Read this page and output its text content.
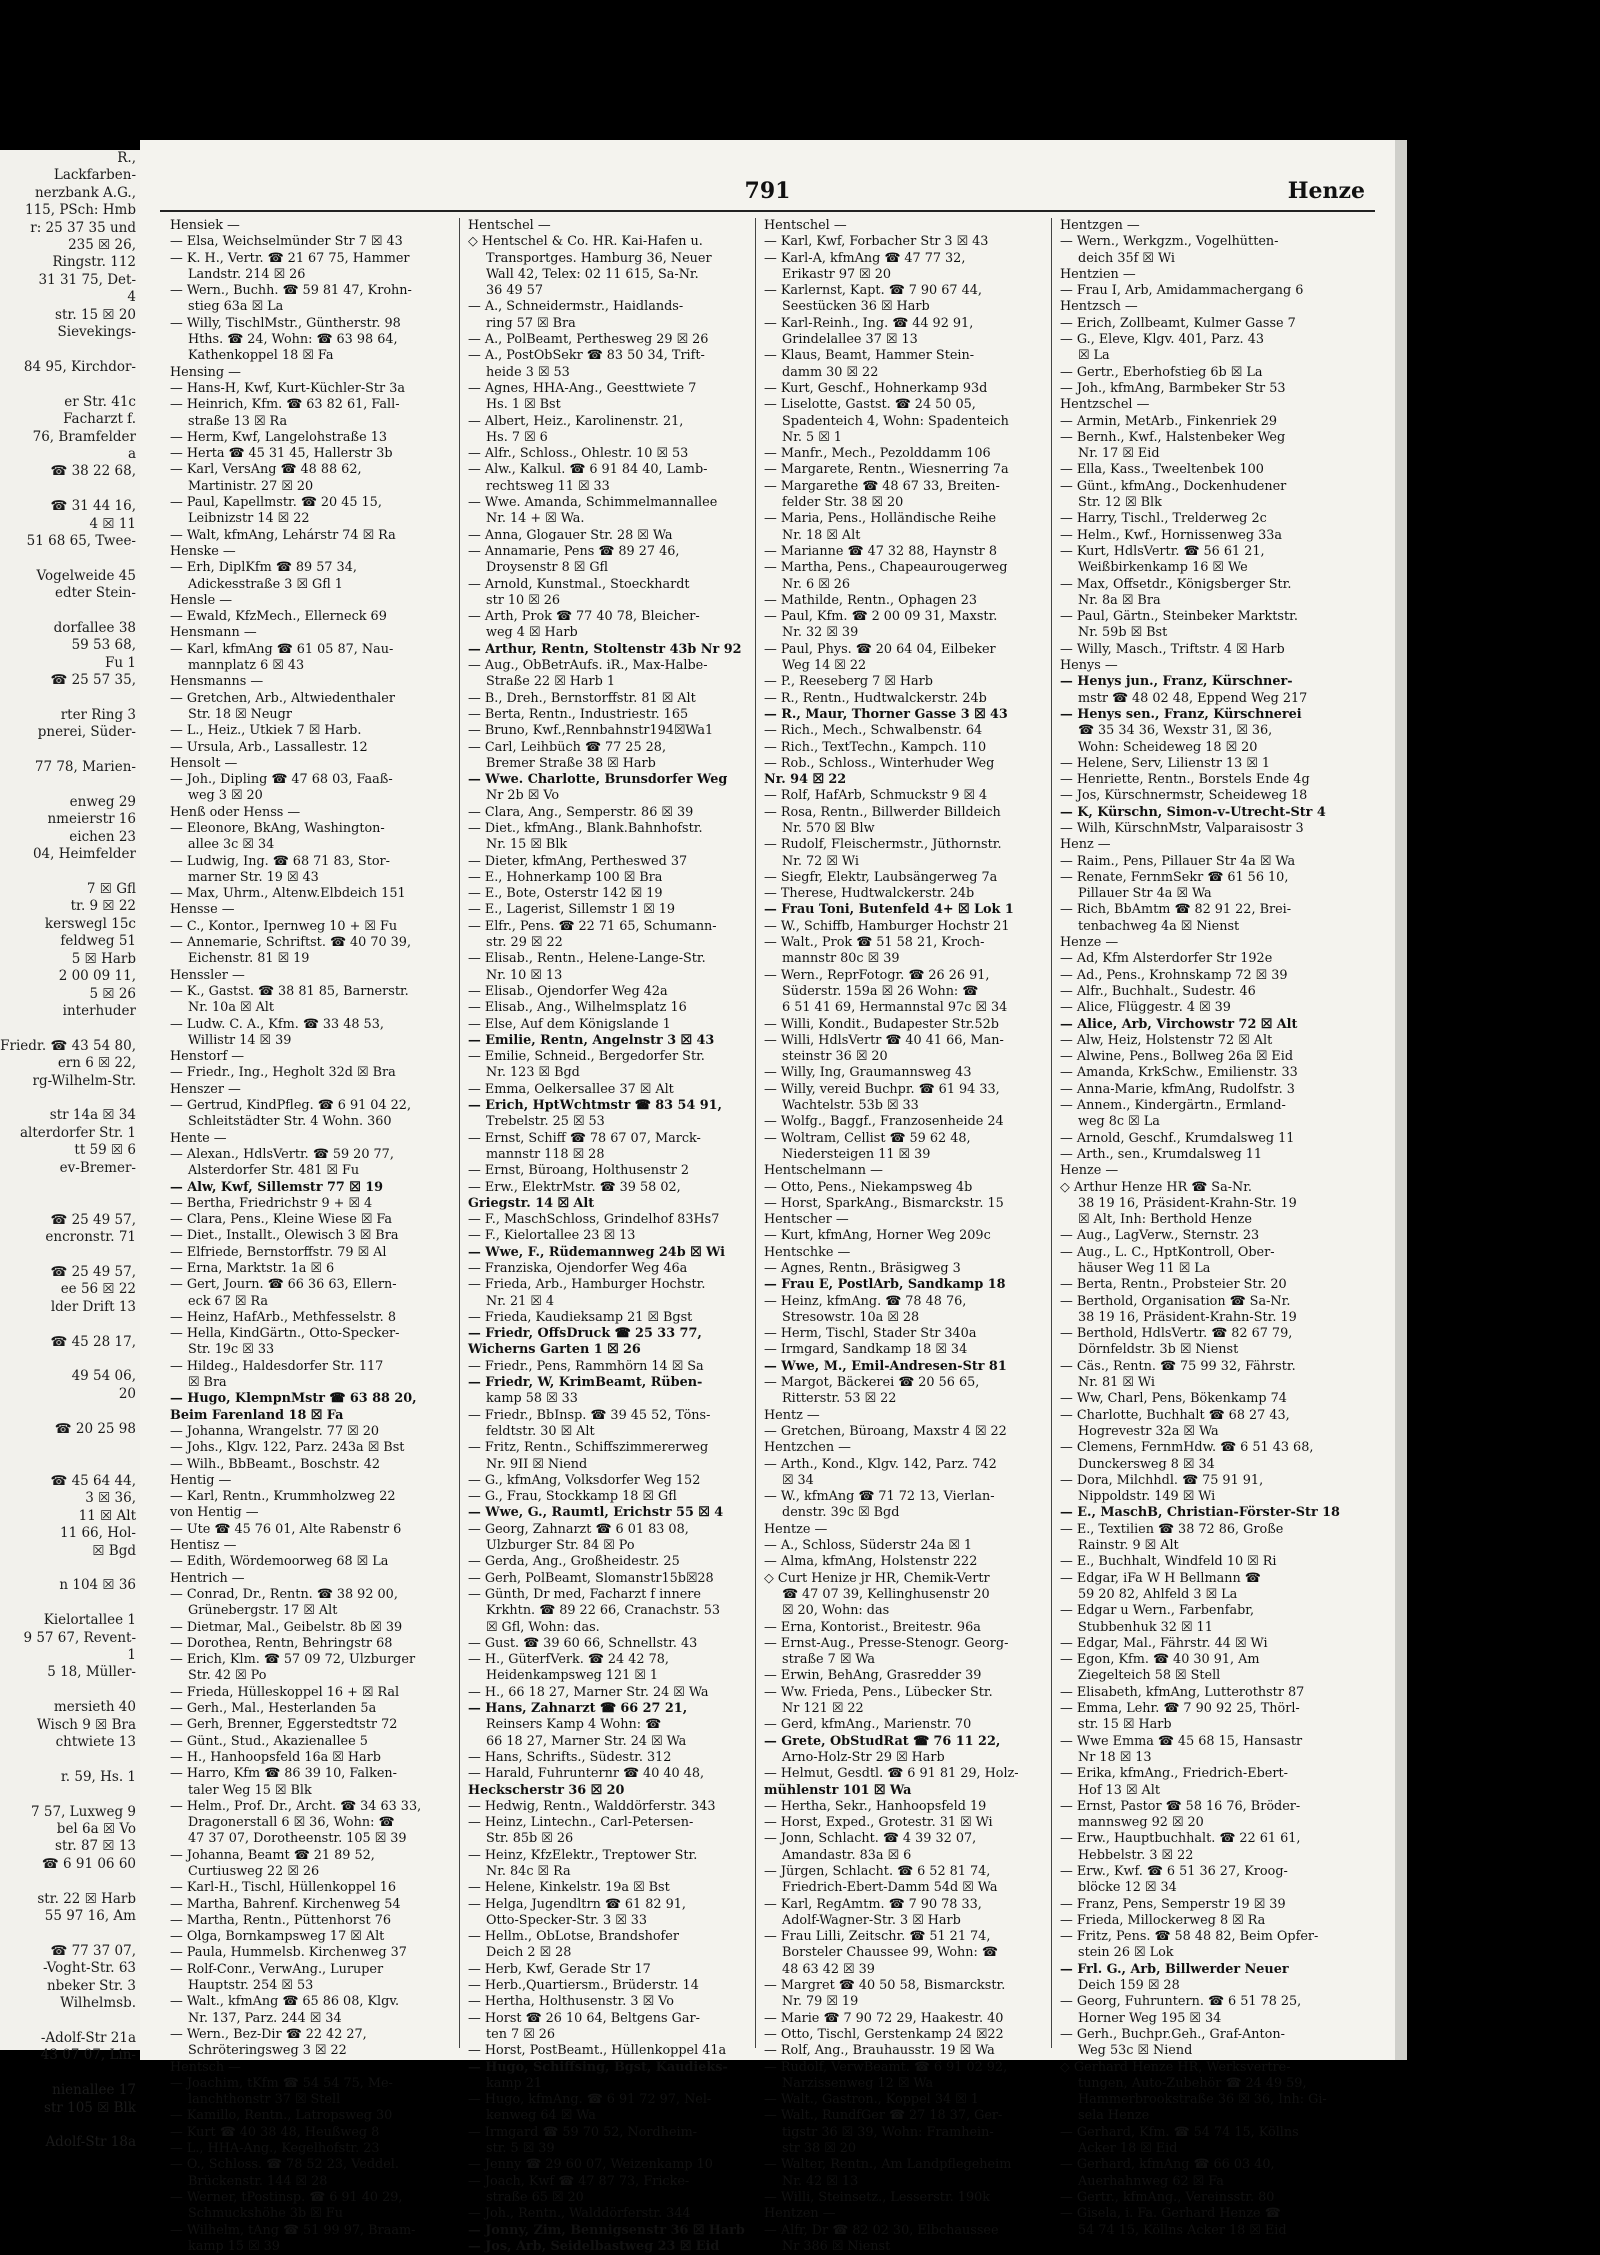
R.,
Lackfarben-
nerzbank A.G.,
115, PSch: Hmb
r: 25 37 35 und
235 ☒ 26,
Ringstr. 112
31 31 75, Det-
4
str. 15 ☒ 20
Sievekings-

84 95, Kirchdor-

er Str. 41c
Facharzt f.
76, Bramfelder
a
☎ 38 22 68,

☎ 31 44 16,
4 ☒ 11
51 68 65, Twee-

Vogelweide 45
edter Stein-

dorfallee 38
59 53 68,
Fu 1
☎ 25 57 35,

rter Ring 3
pnerei, Süder-

77 78, Marien-

enweg 29
nmeierstr 16
eichen 23
04, Heimfelder

7 ☒ Gfl
tr. 9 ☒ 22
kerswegl 15c
feldweg 51
5 ☒ Harb
2 00 09 11,
5 ☒ 26
interhuder

Friedr. ☎ 43 54 80,
ern 6 ☒ 22,
rg-Wilhelm-Str.

str 14a ☒ 34
alterdorfer Str. 1
tt 59 ☒ 6
ev-Bremer-

☎ 25 49 57,
encronstr. 71

☎ 25 49 57,
ee 56 ☒ 22
lder Drift 13

☎ 45 28 17,

49 54 06,
20

☎ 20 25 98

☎ 45 64 44,
3 ☒ 36,
11 ☒ Alt
11 66, Hol-
☒ Bgd

n 104 ☒ 36

Kielortallee 1
9 57 67, Revent-
1
5 18, Müller-

mersieth 40
Wisch 9 ☒ Bra
chtwiete 13

r. 59, Hs. 1

7 57, Luxweg 9
bel 6a ☒ Vo
str. 87 ☒ 13
☎ 6 91 06 60

str. 22 ☒ Harb
55 97 16, Am

☎ 77 37 07,
-Voght-Str. 63
nbeker Str. 3
Wilhelmsb.

-Adolf-Str 21a
43 07 07, Lin-

nienallee 17
str 105 ☒ Blk

Adolf-Str 18a
791	Henze
Hensiek —
— Elsa, Weichselmünder Str 7 ☒ 43
— K. H., Vertr. ☎ 21 67 75, Hammer
Landstr. 214 ☒ 26
— Wern., Buchh. ☎ 59 81 47, Krohn-
stieg 63a ☒ La
— Willy, TischlMstr., Güntherstr. 98
Hths. ☎ 24, Wohn: ☎ 63 98 64,
Kathenkoppel 18 ☒ Fa
Hensing —
— Hans-H, Kwf, Kurt-Küchler-Str 3a
— Heinrich, Kfm. ☎ 63 82 61, Fall-
straße 13 ☒ Ra
— Herm, Kwf, Langelohstraße 13
— Herta ☎ 45 31 45, Hallerstr 3b
— Karl, VersAng ☎ 48 88 62,
Martinistr. 27 ☒ 20
— Paul, Kapellmstr. ☎ 20 45 15,
Leibnizstr 14 ☒ 22
— Walt, kfmAng, Lehárstr 74 ☒ Ra
Henske —
— Erh, DiplKfm ☎ 89 57 34,
Adickesstraße 3 ☒ Gfl 1
Hensle —
— Ewald, KfzMech., Ellerneck 69
Hensmann —
— Karl, kfmAng ☎ 61 05 87, Nau-
mannplatz 6 ☒ 43
Hensmanns —
— Gretchen, Arb., Altwiedenthaler
Str. 18 ☒ Neugr
— L., Heiz., Utkiek 7 ☒ Harb.
— Ursula, Arb., Lassallestr. 12
Hensolt —
— Joh., Dipling ☎ 47 68 03, Faaß-
weg 3 ☒ 20
Henß oder Henss —
— Eleonore, BkAng, Washington-
allee 3c ☒ 34
— Ludwig, Ing. ☎ 68 71 83, Stor-
marner Str. 19 ☒ 43
— Max, Uhrm., Altenw.Elbdeich 151
Hensse —
— C., Kontor., Ipernweg 10 + ☒ Fu
— Annemarie, Schriftst. ☎ 40 70 39,
Eichenstr. 81 ☒ 19
Henssler —
— K., Gastst. ☎ 38 81 85, Barnerstr.
Nr. 10a ☒ Alt
— Ludw. C. A., Kfm. ☎ 33 48 53,
Willistr 14 ☒ 39
Henstorf —
— Friedr., Ing., Hegholt 32d ☒ Bra
Henszer —
— Gertrud, KindPfleg. ☎ 6 91 04 22,
Schleitstädter Str. 4 Wohn. 360
Hente —
— Alexan., HdlsVertr. ☎ 59 20 77,
Alsterdorfer Str. 481 ☒ Fu
— Alw, Kwf, Sillemstr 77 ☒ 19
— Bertha, Friedrichstr 9 + ☒ 4
— Clara, Pens., Kleine Wiese ☒ Fa
— Diet., Installt., Olewisch 3 ☒ Bra
— Elfriede, Bernstorffstr. 79 ☒ Al
— Erna, Marktstr. 1a ☒ 6
— Gert, Journ. ☎ 66 36 63, Ellern-
eck 67 ☒ Ra
— Heinz, HafArb., Methfesselstr. 8
— Hella, KindGärtn., Otto-Specker-
Str. 19c ☒ 33
— Hildeg., Haldesdorfer Str. 117
☒ Bra
— Hugo, KlempnMstr ☎ 63 88 20,
Beim Farenland 18 ☒ Fa
— Johanna, Wrangelstr. 77 ☒ 20
— Johs., Klgv. 122, Parz. 243a ☒ Bst
— Wilh., BbBeamt., Boschstr. 42
Hentig —
— Karl, Rentn., Krummholzweg 22
von Hentig —
— Ute ☎ 45 76 01, Alte Rabenstr 6
Hentisz —
— Edith, Wördemoorweg 68 ☒ La
Hentrich —
— Conrad, Dr., Rentn. ☎ 38 92 00,
Grünebergstr. 17 ☒ Alt
— Dietmar, Mal., Geibelstr. 8b ☒ 39
— Dorothea, Rentn, Behringstr 68
— Erich, Klm. ☎ 57 09 72, Ulzburger
Str. 42 ☒ Po
— Frieda, Hülleskoppel 16 + ☒ Ral
— Gerh., Mal., Hesterlanden 5a
— Gerh, Brenner, Eggerstedtstr 72
— Günt., Stud., Akazienallee 5
— H., Hanhoopsfeld 16a ☒ Harb
— Harro, Kfm ☎ 86 39 10, Falken-
taler Weg 15 ☒ Blk
— Helm., Prof. Dr., Archt. ☎ 34 63 33,
Dragonerstall 6 ☒ 36, Wohn: ☎
47 37 07, Dorotheenstr. 105 ☒ 39
— Johanna, Beamt ☎ 21 89 52,
Curtiusweg 22 ☒ 26
— Karl-H., Tischl, Hüllenkoppel 16
— Martha, Bahrenf. Kirchenweg 54
— Martha, Rentn., Püttenhorst 76
— Olga, Bornkampsweg 17 ☒ Alt
— Paula, Hummelsb. Kirchenweg 37
— Rolf-Conr., VerwAng., Luruper
Hauptstr. 254 ☒ 53
— Walt., kfmAng ☎ 65 86 08, Klgv.
Nr. 137, Parz. 244 ☒ 34
— Wern., Bez-Dir ☎ 22 42 27,
Schröteringsweg 3 ☒ 22
Hentsch —
— Joachim, tKfm ☎ 54 54 75, Me-
lanchthonstr 37 ☒ Stell
— Kamillo, Rentn., Latropsweg 30
— Kurt ☎ 40 38 48, Heußweg 8
— L., HHA-Ang., Kegelhofstr. 23
— O., Schloss. ☎ 78 52 23, Veddel.
Brückenstr. 144 ☒ 28
— Werner, tPostinsp. ☎ 6 91 40 29,
Schmuckshöhe 3b ☒ Fu
— Wilhelm, tAng ☎ 51 99 97, Braam-
kamp 15 ☒ 39
Hentschel —
◇ Hentschel & Co. HR. Kai-Hafen u.
Transportges. Hamburg 36, Neuer
Wall 42, Telex: 02 11 615, Sa-Nr.
36 49 57
— A., Schneidermstr., Haidlands-
ring 57 ☒ Bra
— A., PolBeamt, Perthesweg 29 ☒ 26
— A., PostObSekr ☎ 83 50 34, Trift-
heide 3 ☒ 53
— Agnes, HHA-Ang., Geesttwiete 7
Hs. 1 ☒ Bst
— Albert, Heiz., Karolinenstr. 21,
Hs. 7 ☒ 6
— Alfr., Schloss., Ohlestr. 10 ☒ 53
— Alw., Kalkul. ☎ 6 91 84 40, Lamb-
rechtsweg 11 ☒ 33
— Wwe. Amanda, Schimmelmannallee
Nr. 14 + ☒ Wa.
— Anna, Glogauer Str. 28 ☒ Wa
— Annamarie, Pens ☎ 89 27 46,
Droysenstr 8 ☒ Gfl
— Arnold, Kunstmal., Stoeckhardt
str 10 ☒ 26
— Arth, Prok ☎ 77 40 78, Bleicher-
weg 4 ☒ Harb
— Arthur, Rentn, Stoltenstr 43b Nr 92
— Aug., ObBetrAufs. iR., Max-Halbe-
Straße 22 ☒ Harb 1
— B., Dreh., Bernstorffstr. 81 ☒ Alt
— Berta, Rentn., Industriestr. 165
— Bruno, Kwf.,Rennbahnstr194☒Wa1
— Carl, Leihbüch ☎ 77 25 28,
Bremer Straße 38 ☒ Harb
— Wwe. Charlotte, Brunsdorfer Weg
Nr 2b ☒ Vo
— Clara, Ang., Semperstr. 86 ☒ 39
— Diet., kfmAng., Blank.Bahnhofstr.
Nr. 15 ☒ Blk
— Dieter, kfmAng, Pertheswed 37
— E., Hohnerkamp 100 ☒ Bra
— E., Bote, Osterstr 142 ☒ 19
— E., Lagerist, Sillemstr 1 ☒ 19
— Elfr., Pens. ☎ 22 71 65, Schumann-
str. 29 ☒ 22
— Elisab., Rentn., Helene-Lange-Str.
Nr. 10 ☒ 13
— Elisab., Ojendorfer Weg 42a
— Elisab., Ang., Wilhelmsplatz 16
— Else, Auf dem Königslande 1
— Emilie, Rentn, Angelnstr 3 ☒ 43
— Emilie, Schneid., Bergedorfer Str.
Nr. 123 ☒ Bgd
— Emma, Oelkersallee 37 ☒ Alt
— Erich, HptWchtmstr ☎ 83 54 91,
Trebelstr. 25 ☒ 53
— Ernst, Schiff ☎ 78 67 07, Marck-
mannstr 118 ☒ 28
— Ernst, Büroang, Holthusenstr 2
— Erw., ElektrMstr. ☎ 39 58 02,
Griegstr. 14 ☒ Alt
— F., MaschSchloss, Grindelhof 83Hs7
— F., Kielortallee 23 ☒ 13
— Wwe, F., Rüdemannweg 24b ☒ Wi
— Franziska, Ojendorfer Weg 46a
— Frieda, Arb., Hamburger Hochstr.
Nr. 21 ☒ 4
— Frieda, Kaudieksamp 21 ☒ Bgst
— Friedr, OffsDruck ☎ 25 33 77,
Wicherns Garten 1 ☒ 26
— Friedr., Pens, Rammhörn 14 ☒ Sa
— Friedr, W, KrimBeamt, Rüben-
kamp 58 ☒ 33
— Friedr., BbInsp. ☎ 39 45 52, Töns-
feldtstr. 30 ☒ Alt
— Fritz, Rentn., Schiffszimmererweg
Nr. 9II ☒ Niend
— G., kfmAng, Volksdorfer Weg 152
— G., Frau, Stockkamp 18 ☒ Gfl
— Wwe, G., Raumtl, Erichstr 55 ☒ 4
— Georg, Zahnarzt ☎ 6 01 83 08,
Ulzburger Str. 84 ☒ Po
— Gerda, Ang., Großheidestr. 25
— Gerh, PolBeamt, Slomanstr15b☒28
— Günth, Dr med, Facharzt f innere
Krkhtn. ☎ 89 22 66, Cranachstr. 53
☒ Gfl, Wohn: das.
— Gust. ☎ 39 60 66, Schnellstr. 43
— H., GüterfVerk. ☎ 24 42 78,
Heidenkampsweg 121 ☒ 1
— H., 66 18 27, Marner Str. 24 ☒ Wa
— Hans, Zahnarzt ☎ 66 27 21,
Reinsers Kamp 4 Wohn: ☎
66 18 27, Marner Str. 24 ☒ Wa
— Hans, Schrifts., Südestr. 312
— Harald, Fuhrunternr ☎ 40 40 48,
Heckscherstr 36 ☒ 20
— Hedwig, Rentn., Walddörferstr. 343
— Heinz, Lintechn., Carl-Petersen-
Str. 85b ☒ 26
— Heinz, KfzElektr., Treptower Str.
Nr. 84c ☒ Ra
— Helene, Kinkelstr. 19a ☒ Bst
— Helga, Jugendltrn ☎ 61 82 91,
Otto-Specker-Str. 3 ☒ 33
— Hellm., ObLotse, Brandshofer
Deich 2 ☒ 28
— Herb, Kwf, Gerade Str 17
— Herb.,Quartiersm., Brüderstr. 14
— Hertha, Holthusenstr. 3 ☒ Vo
— Horst ☎ 26 10 64, Beltgens Gar-
ten 7 ☒ 26
— Horst, PostBeamt., Hüllenkoppel 41a
— Hugo, Schiffsing, Bgst, Kaudieks-
kamp 21
— Hugo, kfmAng. ☎ 6 91 72 97, Nel-
kenweg 64 ☒ Wa
— Irmgard ☎ 59 70 52, Nordheim-
str. 5 ☒ 39
— Jenny ☎ 29 60 07, Weizenkamp 10
— Joach, Kwf ☎ 47 87 73, Fricke-
straße 65 ☒ 20
— Joh., Rentn., Walddörferstr. 344
— Jonny, Zim, Bennigsenstr 36 ☒ Harb
— Jos, Arb, Seidelbastweg 23 ☒ Eid
Hentschel —
— Karl, Kwf, Forbacher Str 3 ☒ 43
— Karl-A, kfmAng ☎ 47 77 32,
Erikastr 97 ☒ 20
— Karlernst, Kapt. ☎ 7 90 67 44,
Seestücken 36 ☒ Harb
— Karl-Reinh., Ing. ☎ 44 92 91,
Grindelallee 37 ☒ 13
— Klaus, Beamt, Hammer Stein-
damm 30 ☒ 22
— Kurt, Geschf., Hohnerkamp 93d
— Liselotte, Gastst. ☎ 24 50 05,
Spadenteich 4, Wohn: Spadenteich
Nr. 5 ☒ 1
— Manfr., Mech., Pezolddamm 106
— Margarete, Rentn., Wiesnerring 7a
— Margarethe ☎ 48 67 33, Breiten-
felder Str. 38 ☒ 20
— Maria, Pens., Holländische Reihe
Nr. 18 ☒ Alt
— Marianne ☎ 47 32 88, Haynstr 8
— Martha, Pens., Chapeaurougerweg
Nr. 6 ☒ 26
— Mathilde, Rentn., Ophagen 23
— Paul, Kfm. ☎ 2 00 09 31, Maxstr.
Nr. 32 ☒ 39
— Paul, Phys. ☎ 20 64 04, Eilbeker
Weg 14 ☒ 22
— P., Reeseberg 7 ☒ Harb
— R., Rentn., Hudtwalckerstr. 24b
— R., Maur, Thorner Gasse 3 ☒ 43
— Rich., Mech., Schwalbenstr. 64
— Rich., TextTechn., Kampch. 110
— Rob., Schloss., Winterhuder Weg
Nr. 94 ☒ 22
— Rolf, HafArb, Schmuckstr 9 ☒ 4
— Rosa, Rentn., Billwerder Billdeich
Nr. 570 ☒ Blw
— Rudolf, Fleischermstr., Jüthornstr.
Nr. 72 ☒ Wi
— Siegfr, Elektr, Laubsängerweg 7a
— Therese, Hudtwalckerstr. 24b
— Frau Toni, Butenfeld 4+ ☒ Lok 1
— W., Schiffb, Hamburger Hochstr 21
— Walt., Prok ☎ 51 58 21, Kroch-
mannstr 80c ☒ 39
— Wern., ReprFotogr. ☎ 26 26 91,
Süderstr. 159a ☒ 26 Wohn: ☎
6 51 41 69, Hermannstal 97c ☒ 34
— Willi, Kondit., Budapester Str.52b
— Willi, HdlsVertr ☎ 40 41 66, Man-
steinstr 36 ☒ 20
— Willy, Ing, Graumannsweg 43
— Willy, vereid Buchpr. ☎ 61 94 33,
Wachtelstr. 53b ☒ 33
— Wolfg., Baggf., Franzosenheide 24
— Woltram, Cellist ☎ 59 62 48,
Niedersteigen 11 ☒ 39
Hentschelmann —
— Otto, Pens., Niekampsweg 4b
— Horst, SparkAng., Bismarckstr. 15
Hentscher —
— Kurt, kfmAng, Horner Weg 209c
Hentschke —
— Agnes, Rentn., Bräsigweg 3
— Frau E, PostlArb, Sandkamp 18
— Heinz, kfmAng. ☎ 78 48 76,
Stresowstr. 10a ☒ 28
— Herm, Tischl, Stader Str 340a
— Irmgard, Sandkamp 18 ☒ 34
— Wwe, M., Emil-Andresen-Str 81
— Margot, Bäckerei ☎ 20 56 65,
Ritterstr. 53 ☒ 22
Hentz —
— Gretchen, Büroang, Maxstr 4 ☒ 22
Hentzchen —
— Arth., Kond., Klgv. 142, Parz. 742
☒ 34
— W., kfmAng ☎ 71 72 13, Vierlan-
denstr. 39c ☒ Bgd
Hentze —
— A., Schloss, Süderstr 24a ☒ 1
— Alma, kfmAng, Holstenstr 222
◇ Curt Henize jr HR, Chemik-Vertr
☎ 47 07 39, Kellinghusenstr 20
☒ 20, Wohn: das
— Erna, Kontorist., Breitestr. 96a
— Ernst-Aug., Presse-Stenogr. Georg-
straße 7 ☒ Wa
— Erwin, BehAng, Grasredder 39
— Ww. Frieda, Pens., Lübecker Str.
Nr 121 ☒ 22
— Gerd, kfmAng., Marienstr. 70
— Grete, ObStudRat ☎ 76 11 22,
Arno-Holz-Str 29 ☒ Harb
— Helmut, Gesdtl. ☎ 6 91 81 29, Holz-
mühlenstr 101 ☒ Wa
— Hertha, Sekr., Hanhoopsfeld 19
— Horst, Exped., Grotestr. 31 ☒ Wi
— Jonn, Schlacht. ☎ 4 39 32 07,
Amandastr. 83a ☒ 6
— Jürgen, Schlacht. ☎ 6 52 81 74,
Friedrich-Ebert-Damm 54d ☒ Wa
— Karl, RegAmtm. ☎ 7 90 78 33,
Adolf-Wagner-Str. 3 ☒ Harb
— Frau Lilli, Zeitschr. ☎ 51 21 74,
Borsteler Chaussee 99, Wohn: ☎
48 63 42 ☒ 39
— Margret ☎ 40 50 58, Bismarckstr.
Nr. 79 ☒ 19
— Marie ☎ 7 90 72 29, Haakestr. 40
— Otto, Tischl, Gerstenkamp 24 ☒22
— Rolf, Ang., Brauhausstr. 19 ☒ Wa
— Rudolf, VerwBeamt. ☎ 6 91 02 92,
Narzissenweg 12 ☒ Wa
— Walt., Gastron., Koppel 34 ☒ 1
— Walt., RundfGer ☎ 27 18 37, Ger-
tigstr 36 ☒ 39, Wohn: Framhein-
str 38 ☒ 20
— Walter, Rentn., Am Landpflegeheim
Nr. 42 ☒ 13
— Willi, Steinsetz., Lesserstr. 190k
Hentzen —
— Alfr, Dr ☎ 82 02 30, Elbchaussee
Nr 386 ☒ Nienst
Hentzgen —
— Wern., Werkgzm., Vogelhütten-
deich 35f ☒ Wi
Hentzien —
— Frau I, Arb, Amidammachergang 6
Hentzsch —
— Erich, Zollbeamt, Kulmer Gasse 7
— G., Eleve, Klgv. 401, Parz. 43
☒ La
— Gertr., Eberhofstieg 6b ☒ La
— Joh., kfmAng, Barmbeker Str 53
Hentzschel —
— Armin, MetArb., Finkenriek 29
— Bernh., Kwf., Halstenbeker Weg
Nr. 17 ☒ Eid
— Ella, Kass., Tweeltenbek 100
— Günt., kfmAng., Dockenhudener
Str. 12 ☒ Blk
— Harry, Tischl., Trelderweg 2c
— Helm., Kwf., Hornissenweg 33a
— Kurt, HdlsVertr. ☎ 56 61 21,
Weißbirkenkamp 16 ☒ We
— Max, Offsetdr., Königsberger Str.
Nr. 8a ☒ Bra
— Paul, Gärtn., Steinbeker Marktstr.
Nr. 59b ☒ Bst
— Willy, Masch., Triftstr. 4 ☒ Harb
Henys —
— Henys jun., Franz, Kürschner-
mstr ☎ 48 02 48, Eppend Weg 217
— Henys sen., Franz, Kürschnerei
☎ 35 34 36, Wexstr 31, ☒ 36,
Wohn: Scheideweg 18 ☒ 20
— Helene, Serv, Lilienstr 13 ☒ 1
— Henriette, Rentn., Borstels Ende 4g
— Jos, Kürschnermstr, Scheideweg 18
— K, Kürschn, Simon-v-Utrecht-Str 4
— Wilh, KürschnMstr, Valparaisostr 3
Henz —
— Raim., Pens, Pillauer Str 4a ☒ Wa
— Renate, FernmSekr ☎ 61 56 10,
Pillauer Str 4a ☒ Wa
— Rich, BbAmtm ☎ 82 91 22, Brei-
tenbachweg 4a ☒ Nienst
Henze —
— Ad, Kfm Alsterdorfer Str 192e
— Ad., Pens., Krohnskamp 72 ☒ 39
— Alfr., Buchhalt., Sudestr. 46
— Alice, Flüggestr. 4 ☒ 39
— Alice, Arb, Virchowstr 72 ☒ Alt
— Alw, Heiz, Holstenstr 72 ☒ Alt
— Alwine, Pens., Bollweg 26a ☒ Eid
— Amanda, KrkSchw., Emilienstr. 33
— Anna-Marie, kfmAng, Rudolfstr. 3
— Annem., Kindergärtn., Ermland-
weg 8c ☒ La
— Arnold, Geschf., Krumdalsweg 11
— Arth., sen., Krumdalsweg 11
Henze —
◇ Arthur Henze HR ☎ Sa-Nr.
38 19 16, Präsident-Krahn-Str. 19
☒ Alt, Inh: Berthold Henze
— Aug., LagVerw., Sternstr. 23
— Aug., L. C., HptKontroll, Ober-
häuser Weg 11 ☒ La
— Berta, Rentn., Probsteier Str. 20
— Berthold, Organisation ☎ Sa-Nr.
38 19 16, Präsident-Krahn-Str. 19
— Berthold, HdlsVertr. ☎ 82 67 79,
Dörnfeldstr. 3b ☒ Nienst
— Cäs., Rentn. ☎ 75 99 32, Fährstr.
Nr. 81 ☒ Wi
— Ww, Charl, Pens, Bökenkamp 74
— Charlotte, Buchhalt ☎ 68 27 43,
Hogrevestr 32a ☒ Wa
— Clemens, FernmHdw. ☎ 6 51 43 68,
Dunckersweg 8 ☒ 34
— Dora, Milchhdl. ☎ 75 91 91,
Nippoldstr. 149 ☒ Wi
— E., MaschB, Christian-Förster-Str 18
— E., Textilien ☎ 38 72 86, Große
Rainstr. 9 ☒ Alt
— E., Buchhalt, Windfeld 10 ☒ Ri
— Edgar, iFa W H Bellmann ☎
59 20 82, Ahlfeld 3 ☒ La
— Edgar u Wern., Farbenfabr,
Stubbenhuk 32 ☒ 11
— Edgar, Mal., Fährstr. 44 ☒ Wi
— Egon, Kfm. ☎ 40 30 91, Am
Ziegelteich 58 ☒ Stell
— Elisabeth, kfmAng, Lutterothstr 87
— Emma, Lehr. ☎ 7 90 92 25, Thörl-
str. 15 ☒ Harb
— Wwe Emma ☎ 45 68 15, Hansastr
Nr 18 ☒ 13
— Erika, kfmAng., Friedrich-Ebert-
Hof 13 ☒ Alt
— Ernst, Pastor ☎ 58 16 76, Bröder-
mannsweg 92 ☒ 20
— Erw., Hauptbuchhalt. ☎ 22 61 61,
Hebbelstr. 3 ☒ 22
— Erw., Kwf. ☎ 6 51 36 27, Kroog-
blöcke 12 ☒ 34
— Franz, Pens, Semperstr 19 ☒ 39
— Frieda, Millockerweg 8 ☒ Ra
— Fritz, Pens. ☎ 58 48 82, Beim Opfer-
stein 26 ☒ Lok
— Frl. G., Arb, Billwerder Neuer
Deich 159 ☒ 28
— Georg, Fuhruntern. ☎ 6 51 78 25,
Horner Weg 195 ☒ 34
— Gerh., Buchpr.Geh., Graf-Anton-
Weg 53c ☒ Niend
◇ Gerhard Henze HR, Werksvertre-
tungen, Auto-Zubehör ☎ 24 49 59,
Hammerbrookstraße 36 ☒ 36, Inh: Gi-
sela Henze
— Gerhard, Kfm. ☎ 54 74 15, Köllns
Acker 18 ☒ Eid
— Gerhard, kfmAng ☎ 66 03 40,
Auerhahnweg 62 ☒ Fa
— Gertr., kfmAng., Vereinsstr. 80
— Gisela, i. Fa. Gerhard Henze ☎
54 74 15, Köllns Acker 18 ☒ Eid
